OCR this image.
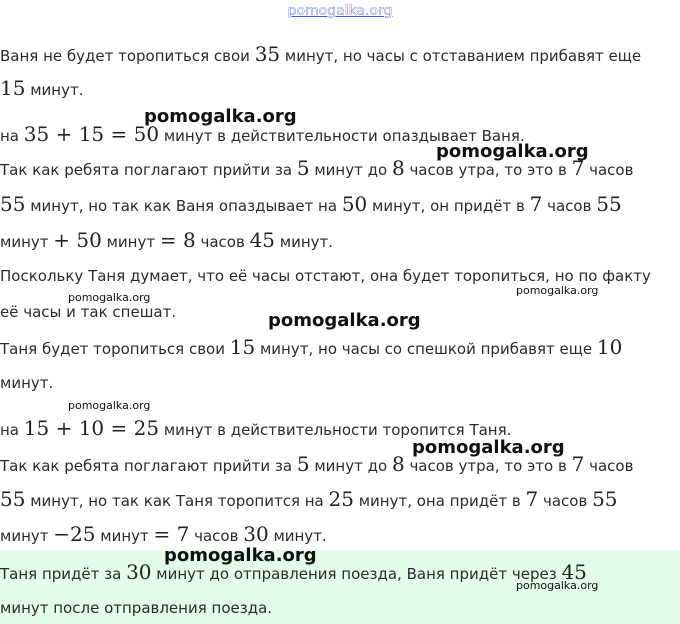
pomogalka.org
Ваня не будет торопиться свои 35 минут, но часы с отставанием прибавят еще
15 минут.
на 35 + 15 = 50 минут в действительности опаздывает Ваня.
Так как ребята поглагают прийти за 5 минут до 8 часов утра, то это в 7 часов
55 минут, но так как Ваня опаздывает на 50 минут, он придёт в 7 часов 55
минут + 50 минут = 8 часов 45 минут.
Поскольку Таня думает, что её часы отстают, она будет торопиться, но по факту
её часы и так спешат.
Таня будет торопиться свои 15 минут, но часы со спешкой прибавят еще 10
минут.
на 15 + 10 = 25 минут в действительности торопится Таня.
Так как ребята поглагают прийти за 5 минут до 8 часов утра, то это в 7 часов
55 минут, но так как Таня торопится на 25 минут, она придёт в 7 часов 55
минут −25 минут = 7 часов 30 минут.
Таня придёт за 30 минут до отправления поезда, Ваня придёт через 45
минут после отправления поезда.
pomogalka.org
pomogalka.org
pomogalka.org
pomogalka.org
pomogalka.org
pomogalka.org
pomogalka.org
pomogalka.org
pomogalka.org
